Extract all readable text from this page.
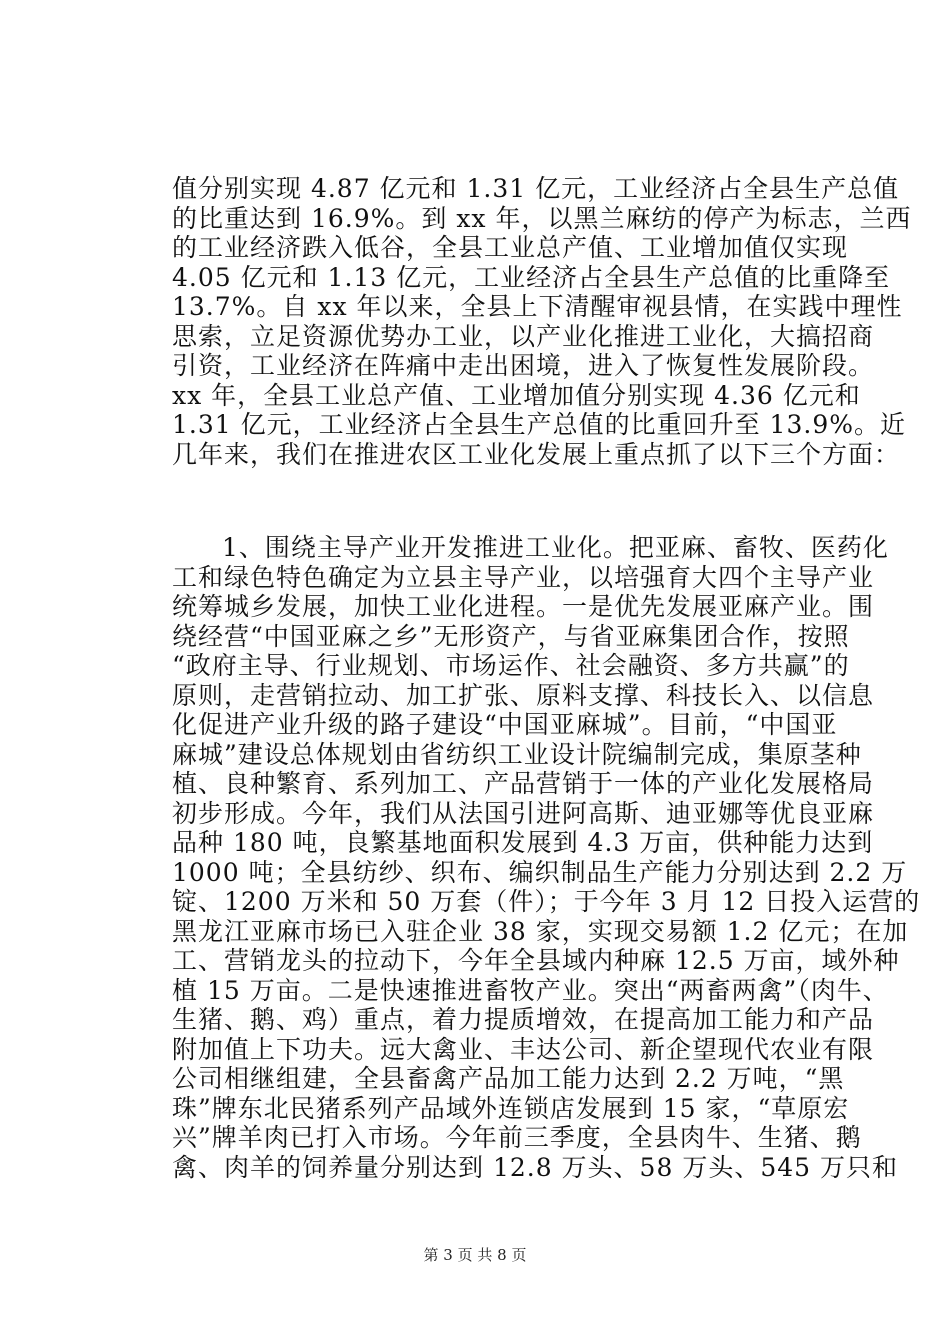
值分别实现 4.87 亿元和 1.31 亿元，工业经济占全县生产总值
的比重达到 16.9%。到 xx 年，以黑兰麻纺的停产为标志，兰西
的工业经济跌入低谷，全县工业总产值、工业增加值仅实现
4.05 亿元和 1.13 亿元，工业经济占全县生产总值的比重降至
13.7%。自 xx 年以来，全县上下清醒审视县情，在实践中理性
思索，立足资源优势办工业，以产业化推进工业化，大搞招商
引资，工业经济在阵痛中走出困境，进入了恢复性发展阶段。
xx 年，全县工业总产值、工业增加值分别实现 4.36 亿元和
1.31 亿元，工业经济占全县生产总值的比重回升至 13.9%。近
几年来，我们在推进农区工业化发展上重点抓了以下三个方面：
1、围绕主导产业开发推进工业化。把亚麻、畜牧、医药化
工和绿色特色确定为立县主导产业，以培强育大四个主导产业
统筹城乡发展，加快工业化进程。一是优先发展亚麻产业。围
绕经营“中国亚麻之乡”无形资产，与省亚麻集团合作，按照
“政府主导、行业规划、市场运作、社会融资、多方共赢”的
原则，走营销拉动、加工扩张、原料支撑、科技长入、以信息
化促进产业升级的路子建设“中国亚麻城”。目前，“中国亚
麻城”建设总体规划由省纺织工业设计院编制完成，集原茎种
植、良种繁育、系列加工、产品营销于一体的产业化发展格局
初步形成。今年，我们从法国引进阿高斯、迪亚娜等优良亚麻
品种 180 吨，良繁基地面积发展到 4.3 万亩，供种能力达到
1000 吨；全县纺纱、织布、编织制品生产能力分别达到 2.2 万
锭、1200 万米和 50 万套（件）；于今年 3 月 12 日投入运营的
黑龙江亚麻市场已入驻企业 38 家，实现交易额 1.2 亿元；在加
工、营销龙头的拉动下，今年全县域内种麻 12.5 万亩，域外种
植 15 万亩。二是快速推进畜牧产业。突出“两畜两禽”（肉牛、
生猪、鹅、鸡）重点，着力提质增效，在提高加工能力和产品
附加值上下功夫。远大禽业、丰达公司、新企望现代农业有限
公司相继组建，全县畜禽产品加工能力达到 2.2 万吨，“黑
珠”牌东北民猪系列产品域外连锁店发展到 15 家，“草原宏
兴”牌羊肉已打入市场。今年前三季度，全县肉牛、生猪、鹅
禽、肉羊的饲养量分别达到 12.8 万头、58 万头、545 万只和
第 3 页 共 8 页
